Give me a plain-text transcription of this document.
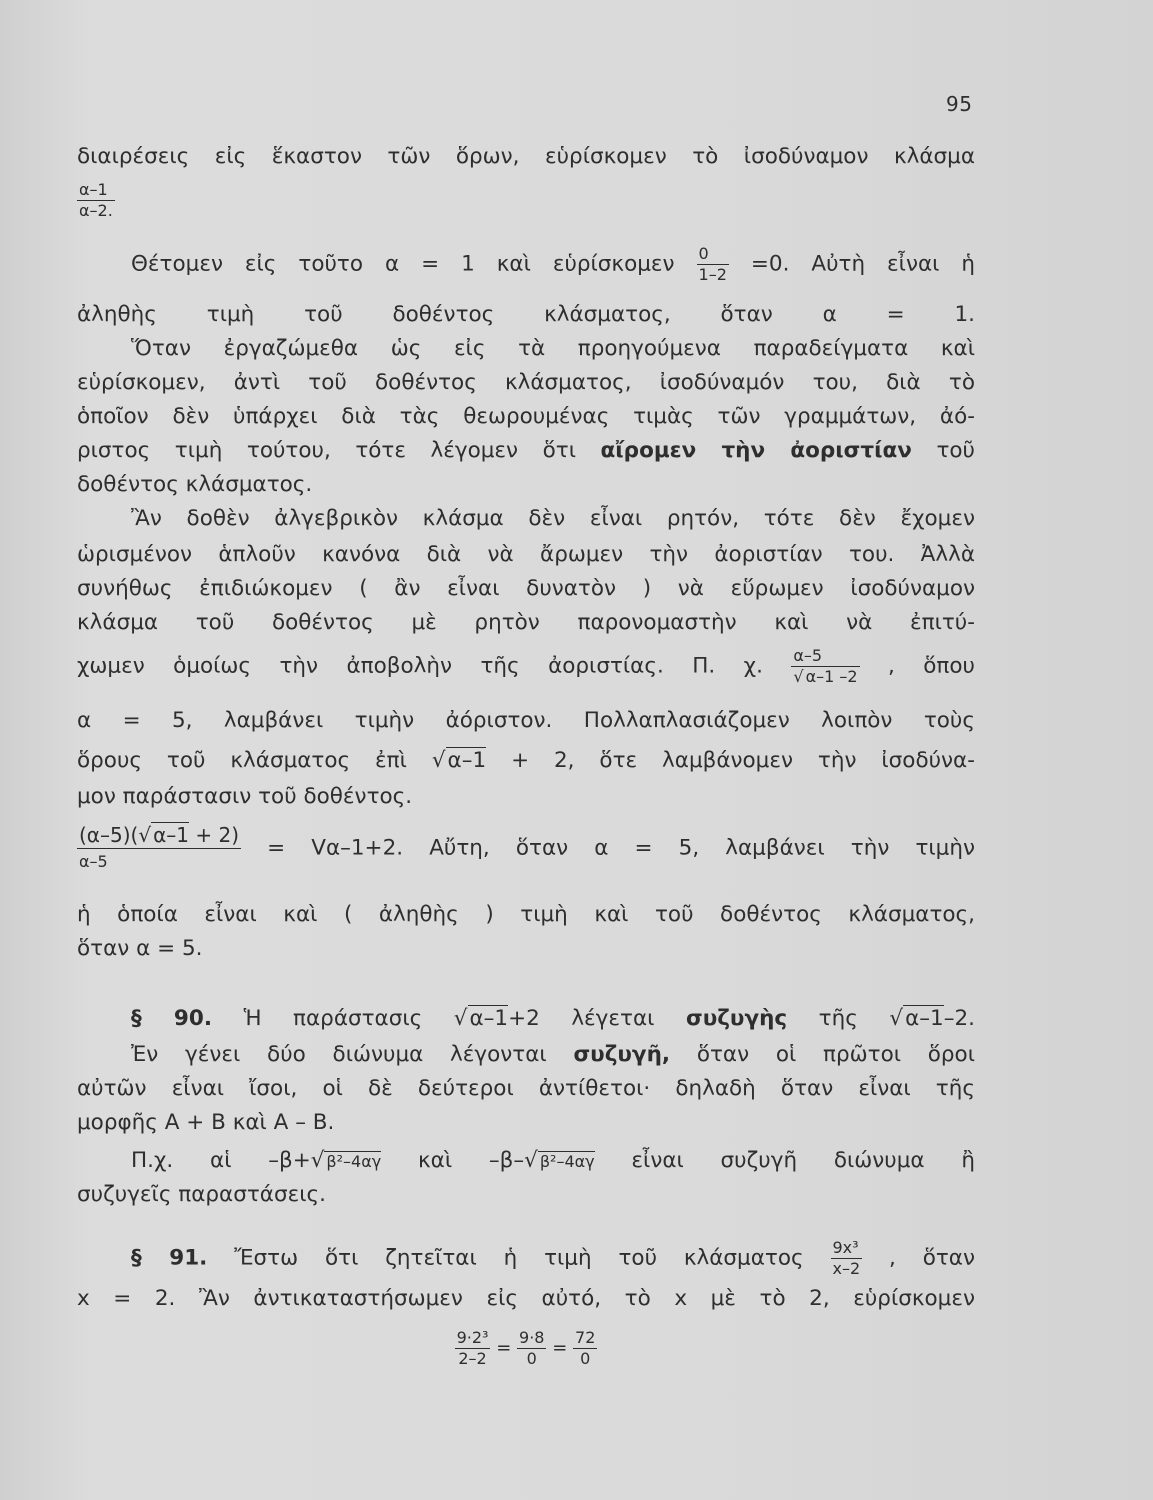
95
διαιρέσεις εἰς ἕκαστον τῶν ὅρων, εὑρίσκομεν τὸ ἰσοδύναμον κλάσμα
$\frac{\alpha-1}{\alpha-2.}$
Θέτομεν εἰς τοῦτο α = 1 καὶ εὑρίσκομεν $\frac{0}{1-2} =0$. Αὐτὴ εἶναι ἡ
ἀληθὴς τιμὴ τοῦ δοθέντος κλάσματος, ὅταν α = 1.
Ὅταν ἐργαζώμεθα ὡς εἰς τὰ προηγούμενα παραδείγματα καὶ
εὑρίσκομεν, ἀντὶ τοῦ δοθέντος κλάσματος, ἰσοδύναμόν του, διὰ τὸ
ὁποῖον δὲν ὑπάρχει διὰ τὰς θεωρουμένας τιμὰς τῶν γραμμάτων, ἀό-
ριστος τιμὴ τούτου, τότε λέγομεν ὅτι αἴρομεν τὴν ἀοριστίαν τοῦ
δοθέντος κλάσματος.
Ἂν δοθὲν ἀλγεβρικὸν κλάσμα δὲν εἶναι ρητόν, τότε δὲν ἔχομεν
ὡρισμένον ἁπλοῦν κανόνα διὰ νὰ ἄρωμεν τὴν ἀοριστίαν του. Ἀλλὰ
συνήθως ἐπιδιώκομεν ( ἂν εἶναι δυνατὸν ) νὰ εὕρωμεν ἰσοδύναμον
κλάσμα τοῦ δοθέντος μὲ ρητὸν παρονομαστὴν καὶ νὰ ἐπιτύ-
χωμεν ὁμοίως τὴν ἀποβολὴν τῆς ἀοριστίας. Π. χ. $\frac{\alpha-5}{√ \alpha-1 -2}$ , ὅπου
α = 5, λαμβάνει τιμὴν ἀόριστον. Πολλαπλασιάζομεν λοιπὸν τοὺς
ὅρους τοῦ κλάσματος ἐπὶ √α–1 + 2, ὅτε λαμβάνομεν τὴν ἰσοδύνα-
μον παράστασιν τοῦ δοθέντος.
$\frac{(\alpha-5)(√ \alpha-1 + 2)}{\alpha-5} = V\alpha-1+2$. Αὔτη, ὅταν α = 5, λαμβάνει τὴν τιμὴν
ἡ ὁποία εἶναι καὶ ( ἀληθὴς ) τιμὴ καὶ τοῦ δοθέντος κλάσματος,
ὅταν α = 5.
§ 90. Ἡ παράστασις √α–1+2 λέγεται συζυγὴς τῆς √α–1–2.
Ἐν γένει δύο διώνυμα λέγονται συζυγῆ, ὅταν οἱ πρῶτοι ὅροι
αὐτῶν εἶναι ἴσοι, οἱ δὲ δεύτεροι ἀντίθετοι· δηλαδὴ ὅταν εἶναι τῆς
μορφῆς A + B καὶ A – B.
Π.χ. αἱ –β+√ β²–4αγ καὶ –β–√ β²–4αγ εἶναι συζυγῆ διώνυμα ἢ
συζυγεῖς παραστάσεις.
§ 91. Ἔστω ὅτι ζητεῖται ἡ τιμὴ τοῦ κλάσματος $\frac{\text{9x³}}{x-2}$ , ὅταν
x = 2. Ἂν ἀντικαταστήσωμεν εἰς αὐτό, τὸ x μὲ τὸ 2, εὑρίσκομεν
$\frac{\text{9·2³}}{2-2} = \frac{9\cdot 8}{0} = \frac{72}{0}$
